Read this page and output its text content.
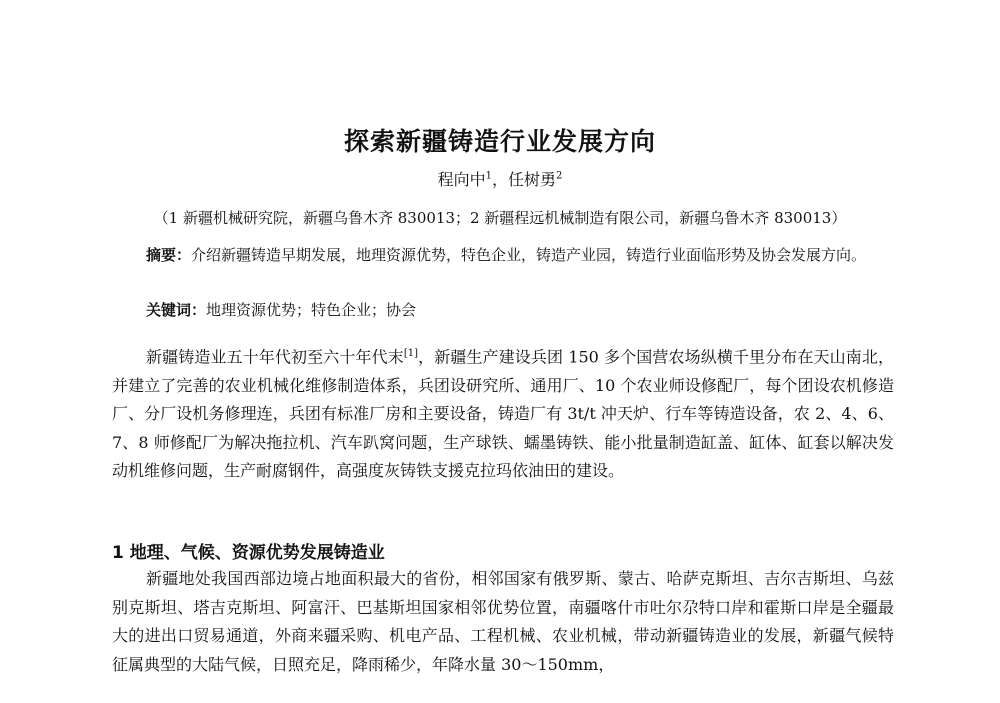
探索新疆铸造行业发展方向
程向中$^1$，任树勇$^2$
（1 新疆机械研究院，新疆乌鲁木齐 830013；2 新疆程远机械制造有限公司，新疆乌鲁木齐 830013）
摘要：介绍新疆铸造早期发展，地理资源优势，特色企业，铸造产业园，铸造行业面临形势及协会发展方向。
关键词：地理资源优势；特色企业；协会
新疆铸造业五十年代初至六十年代末[1]，新疆生产建设兵团 150 多个国营农场纵横千里分布在天山南北，并建立了完善的农业机械化维修制造体系，兵团设研究所、通用厂、10 个农业师设修配厂，每个团设农机修造厂、分厂设机务修理连，兵团有标准厂房和主要设备，铸造厂有 3t/t 冲天炉、行车等铸造设备，农 2、4、6、7、8 师修配厂为解决拖拉机、汽车趴窝问题，生产球铁、蠕墨铸铁、能小批量制造缸盖、缸体、缸套以解决发动机维修问题，生产耐腐钢件，高强度灰铸铁支援克拉玛依油田的建设。
1 地理、气候、资源优势发展铸造业
新疆地处我国西部边境占地面积最大的省份，相邻国家有俄罗斯、蒙古、哈萨克斯坦、吉尔吉斯坦、乌兹别克斯坦、塔吉克斯坦、阿富汗、巴基斯坦国家相邻优势位置，南疆喀什市吐尔尕特口岸和霍斯口岸是全疆最大的进出口贸易通道，外商来疆采购、机电产品、工程机械、农业机械，带动新疆铸造业的发展，新疆气候特征属典型的大陆气候，日照充足，降雨稀少，年降水量 30～150mm，
